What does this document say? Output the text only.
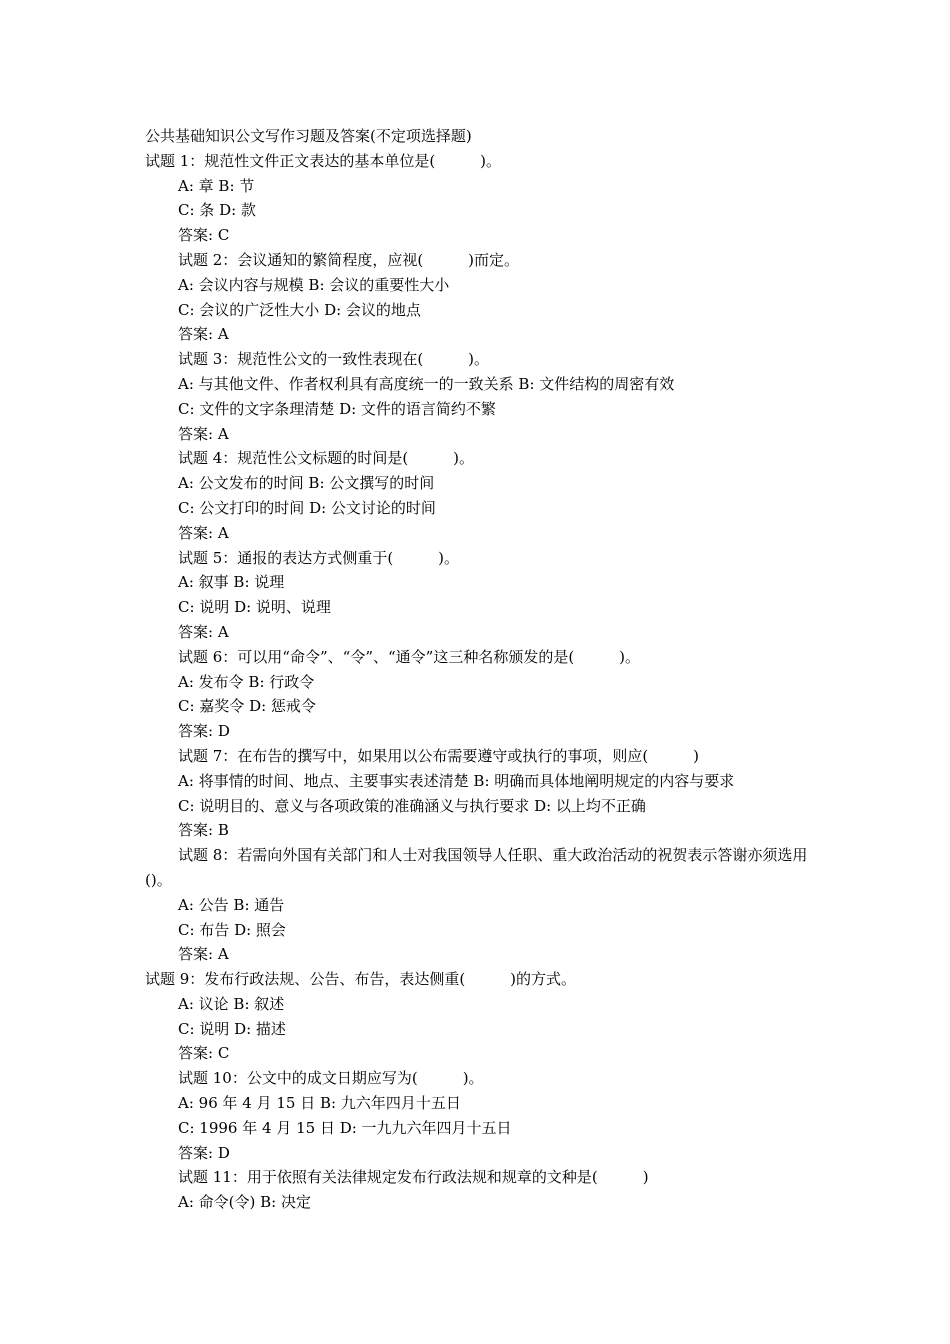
公共基础知识公文写作习题及答案(不定项选择题)
试题 1：规范性文件正文表达的基本单位是(　　　)。
A: 章 B: 节
C: 条 D: 款
答案: C
试题 2：会议通知的繁简程度，应视(　　　)而定。
A: 会议内容与规模 B: 会议的重要性大小
C: 会议的广泛性大小 D: 会议的地点
答案: A
试题 3：规范性公文的一致性表现在(　　　)。
A: 与其他文件、作者权利具有高度统一的一致关系 B: 文件结构的周密有效
C: 文件的文字条理清楚 D: 文件的语言简约不繁
答案: A
试题 4：规范性公文标题的时间是(　　　)。
A: 公文发布的时间 B: 公文撰写的时间
C: 公文打印的时间 D: 公文讨论的时间
答案: A
试题 5：通报的表达方式侧重于(　　　)。
A: 叙事 B: 说理
C: 说明 D: 说明、说理
答案: A
试题 6：可以用“命令”、“令”、“通令”这三种名称颁发的是(　　　)。
A: 发布令 B: 行政令
C: 嘉奖令 D: 惩戒令
答案: D
试题 7：在布告的撰写中，如果用以公布需要遵守或执行的事项，则应(　　　)
A: 将事情的时间、地点、主要事实表述清楚 B: 明确而具体地阐明规定的内容与要求
C: 说明目的、意义与各项政策的准确涵义与执行要求 D: 以上均不正确
答案: B
试题 8：若需向外国有关部门和人士对我国领导人任职、重大政治活动的祝贺表示答谢亦须选用()。
A: 公告 B: 通告
C: 布告 D: 照会
答案: A
试题 9：发布行政法规、公告、布告，表达侧重(　　　)的方式。
A: 议论 B: 叙述
C: 说明 D: 描述
答案: C
试题 10：公文中的成文日期应写为(　　　)。
A: 96 年 4 月 15 日 B: 九六年四月十五日
C: 1996 年 4 月 15 日 D: 一九九六年四月十五日
答案: D
试题 11：用于依照有关法律规定发布行政法规和规章的文种是(　　　)
A: 命令(令) B: 决定
